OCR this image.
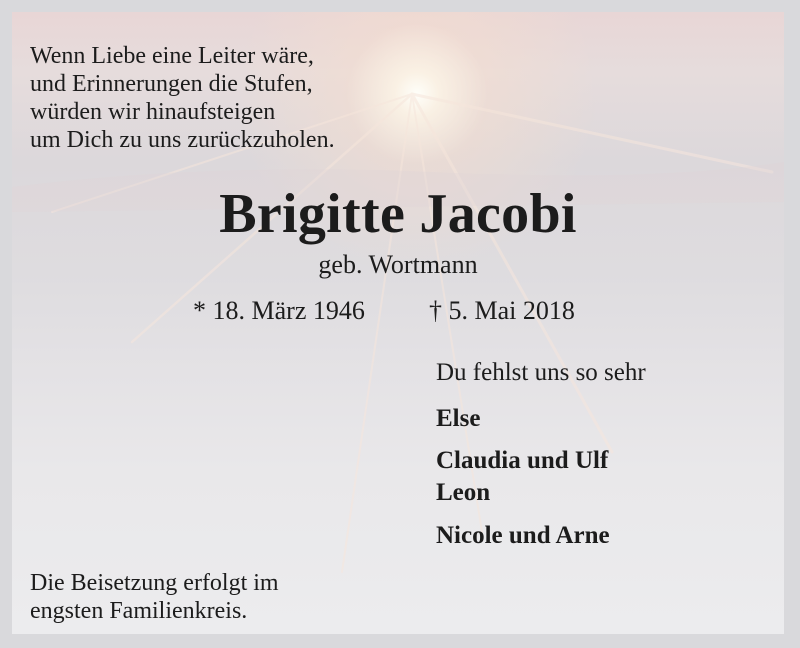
Wenn Liebe eine Leiter wäre,
und Erinnerungen die Stufen,
würden wir hinaufsteigen
um Dich zu uns zurückzuholen.
Brigitte Jacobi
geb. Wortmann
* 18. März 1946 † 5. Mai 2018
Du fehlst uns so sehr
Else
Claudia und Ulf
Leon
Nicole und Arne
Die Beisetzung erfolgt im
engsten Familienkreis.
